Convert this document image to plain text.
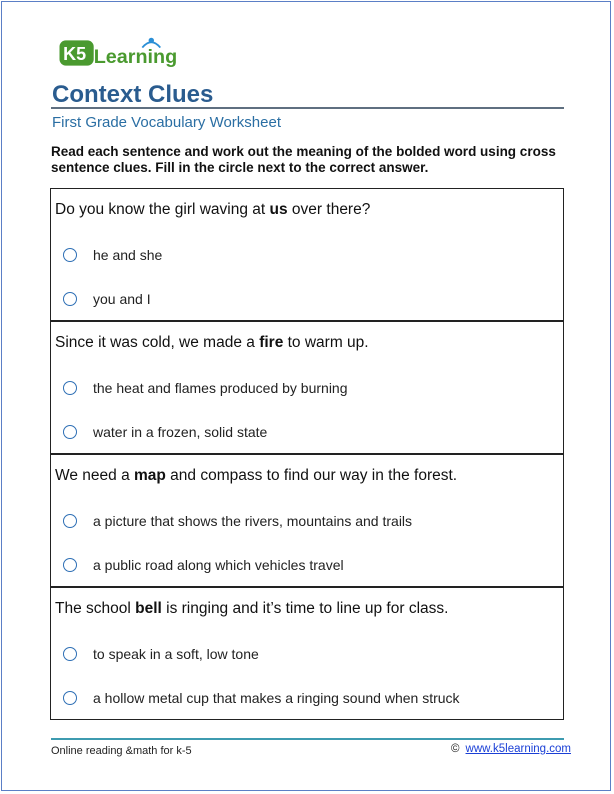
K5 Learning
Context Clues
First Grade Vocabulary Worksheet
Read each sentence and work out the meaning of the bolded word using cross sentence clues. Fill in the circle next to the correct answer.
Do you know the girl waving at us over there?
he and she
you and I
Since it was cold, we made a fire to warm up.
the heat and flames produced by burning
water in a frozen, solid state
We need a map and compass to find our way in the forest.
a picture that shows the rivers, mountains and trails
a public road along which vehicles travel
The school bell is ringing and it’s time to line up for class.
to speak in a soft, low tone
a hollow metal cup that makes a ringing sound when struck
Online reading &math for k-5	© www.k5learning.com
